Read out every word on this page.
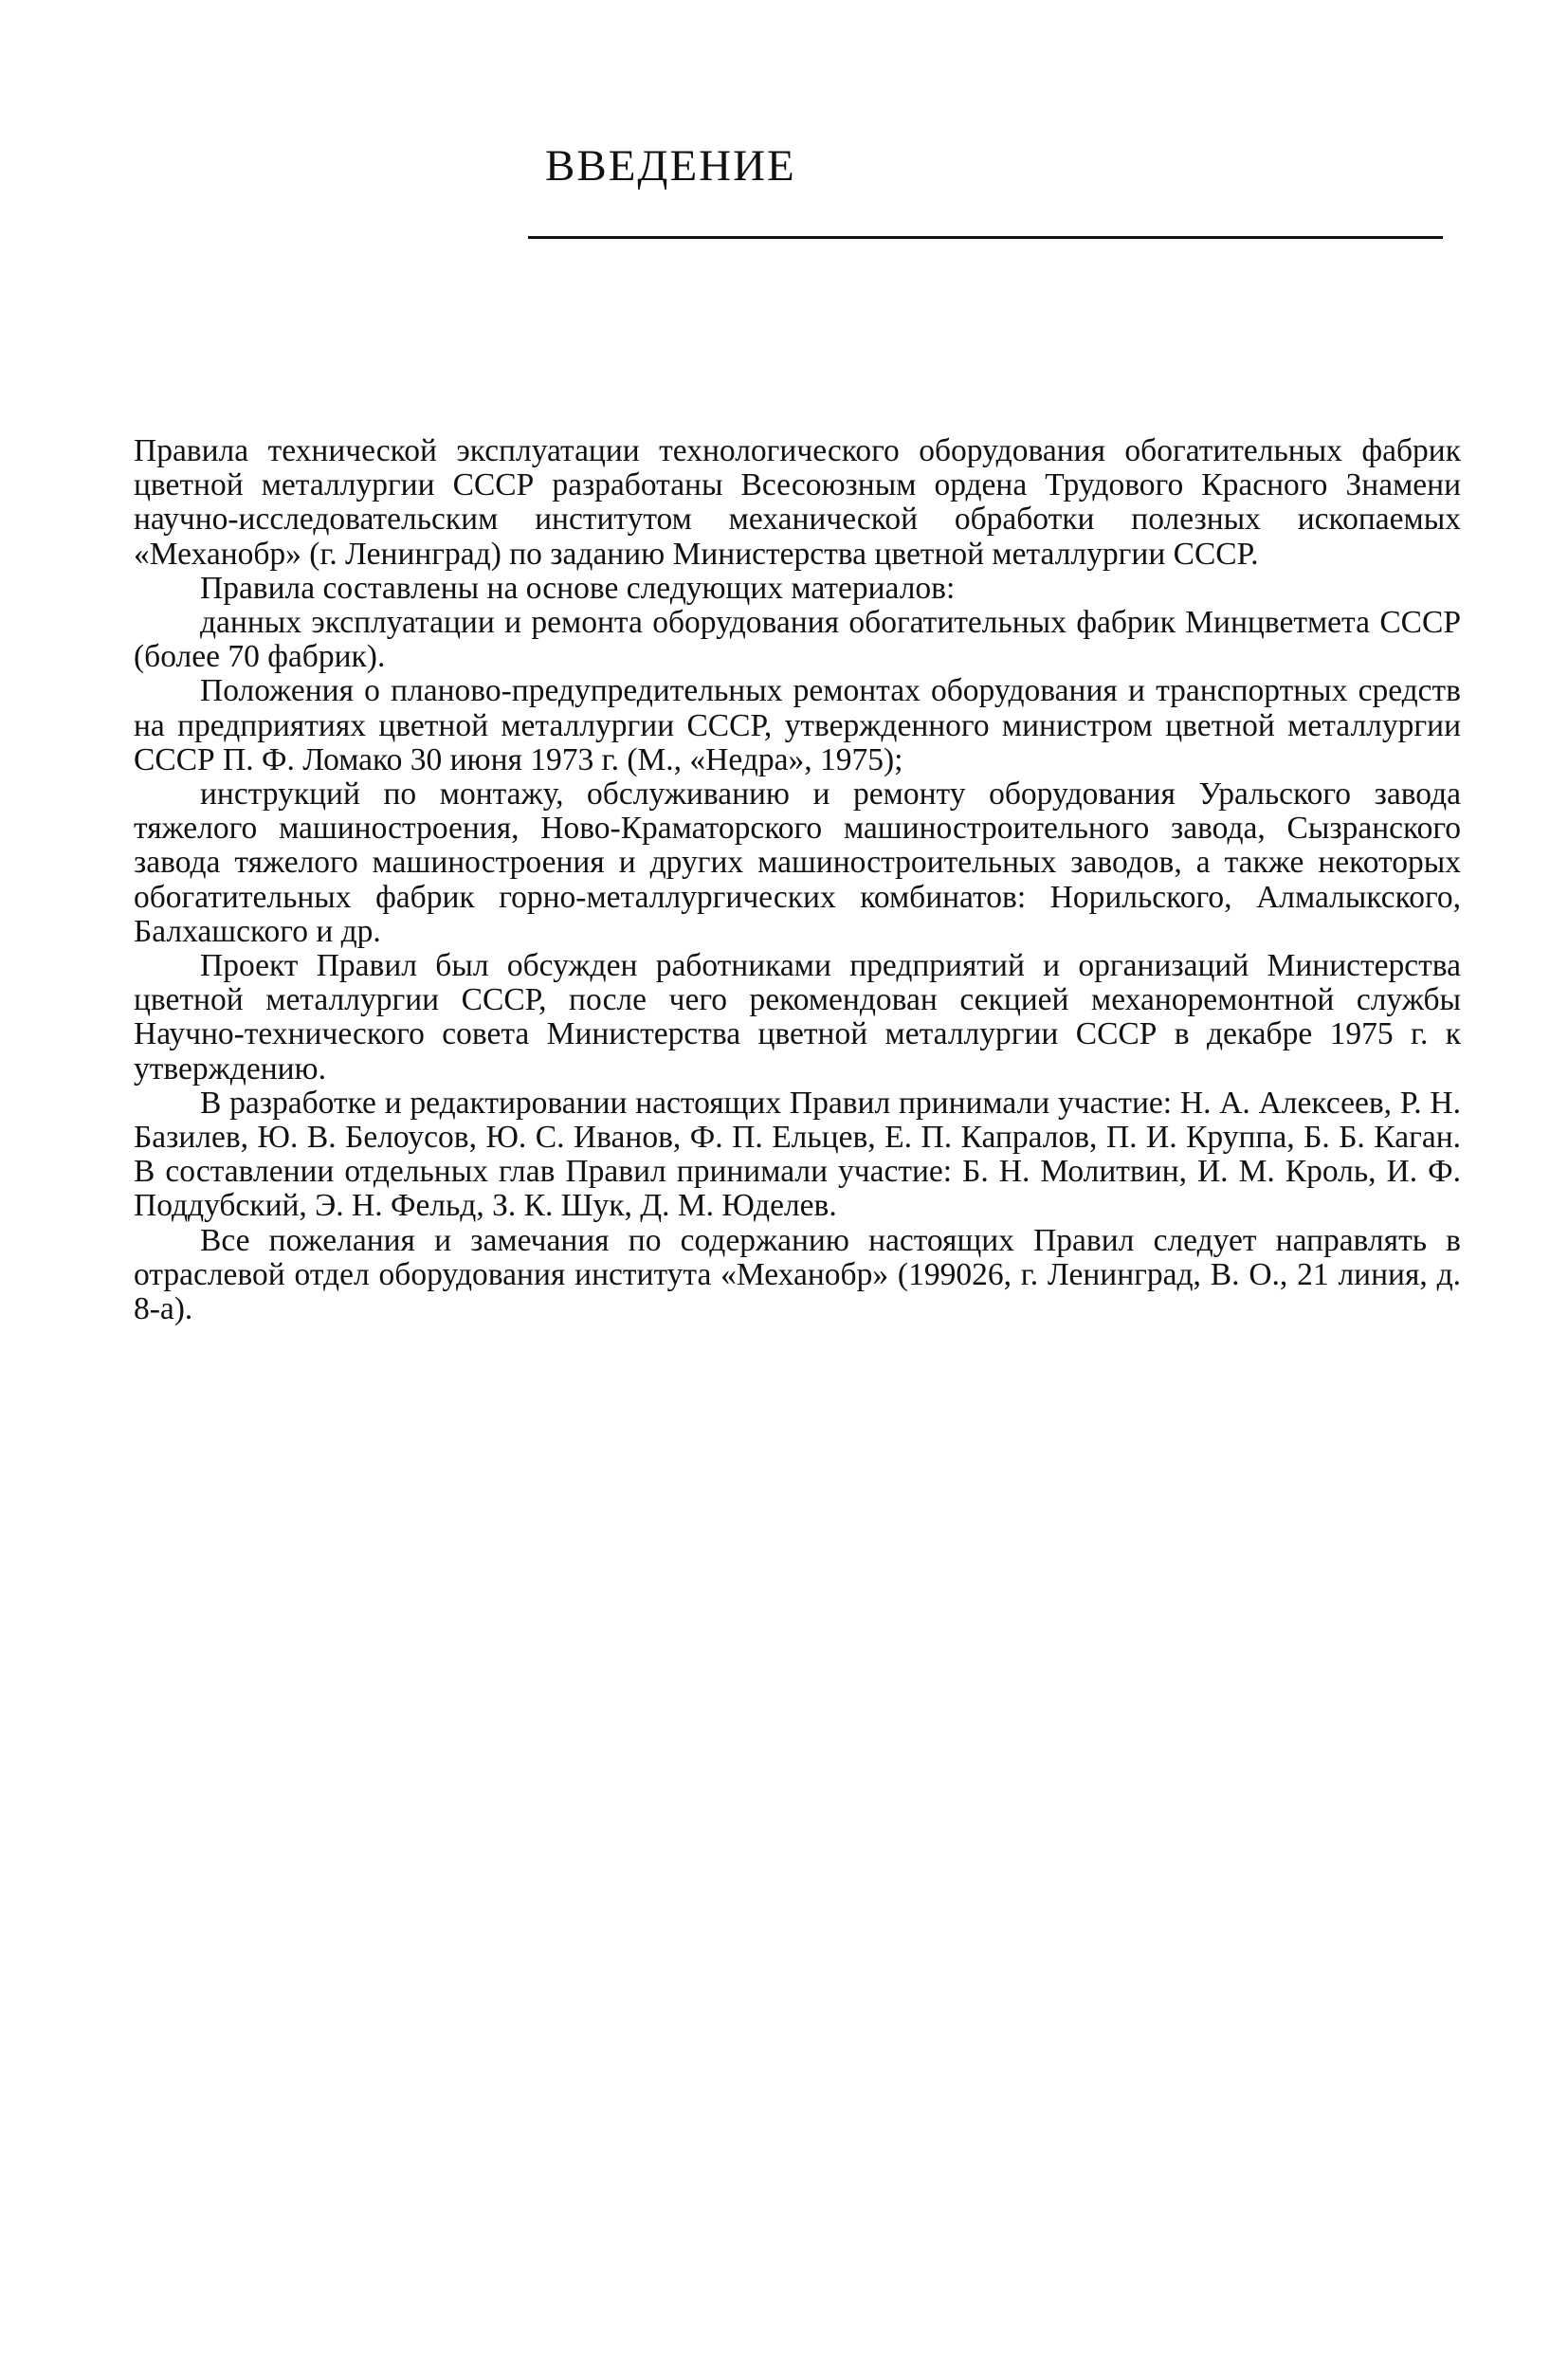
ВВЕДЕНИЕ

Правила технической эксплуатации технологического оборудования обогатительных фабрик цветной металлургии СССР разработаны Всесоюзным ордена Трудового Красного Знамени научно-исследовательским институтом механической обработки полезных ископаемых «Механобр» (г. Ленинград) по заданию Министерства цветной металлургии СССР.

Правила составлены на основе следующих материалов:

данных эксплуатации и ремонта оборудования обогатительных фабрик Минцветмета СССР (более 70 фабрик).

Положения о планово-предупредительных ремонтах оборудования и транспортных средств на предприятиях цветной металлургии СССР, утвержденного министром цветной металлургии СССР П. Ф. Ломако 30 июня 1973 г. (М., «Недра», 1975);

инструкций по монтажу, обслуживанию и ремонту оборудования Уральского завода тяжелого машиностроения, Ново-Краматорского машиностроительного завода, Сызранского завода тяжелого машиностроения и других машиностроительных заводов, а также некоторых обогатительных фабрик горно-металлургических комбинатов: Норильского, Алмалыкского, Балхашского и др.

Проект Правил был обсужден работниками предприятий и организаций Министерства цветной металлургии СССР, после чего рекомендован секцией механоремонтной службы Научно-технического совета Министерства цветной металлургии СССР в декабре 1975 г. к утверждению.

В разработке и редактировании настоящих Правил принимали участие: Н. А. Алексеев, Р. Н. Базилев, Ю. В. Белоусов, Ю. С. Иванов, Ф. П. Ельцев, Е. П. Капралов, П. И. Круппа, Б. Б. Каган. В составлении отдельных глав Правил принимали участие: Б. Н. Молитвин, И. М. Кроль, И. Ф. Поддубский, Э. Н. Фельд, З. К. Шук, Д. М. Юделев.

Все пожелания и замечания по содержанию настоящих Правил следует направлять в отраслевой отдел оборудования института «Механобр» (199026, г. Ленинград, В. О., 21 линия, д. 8-а).
